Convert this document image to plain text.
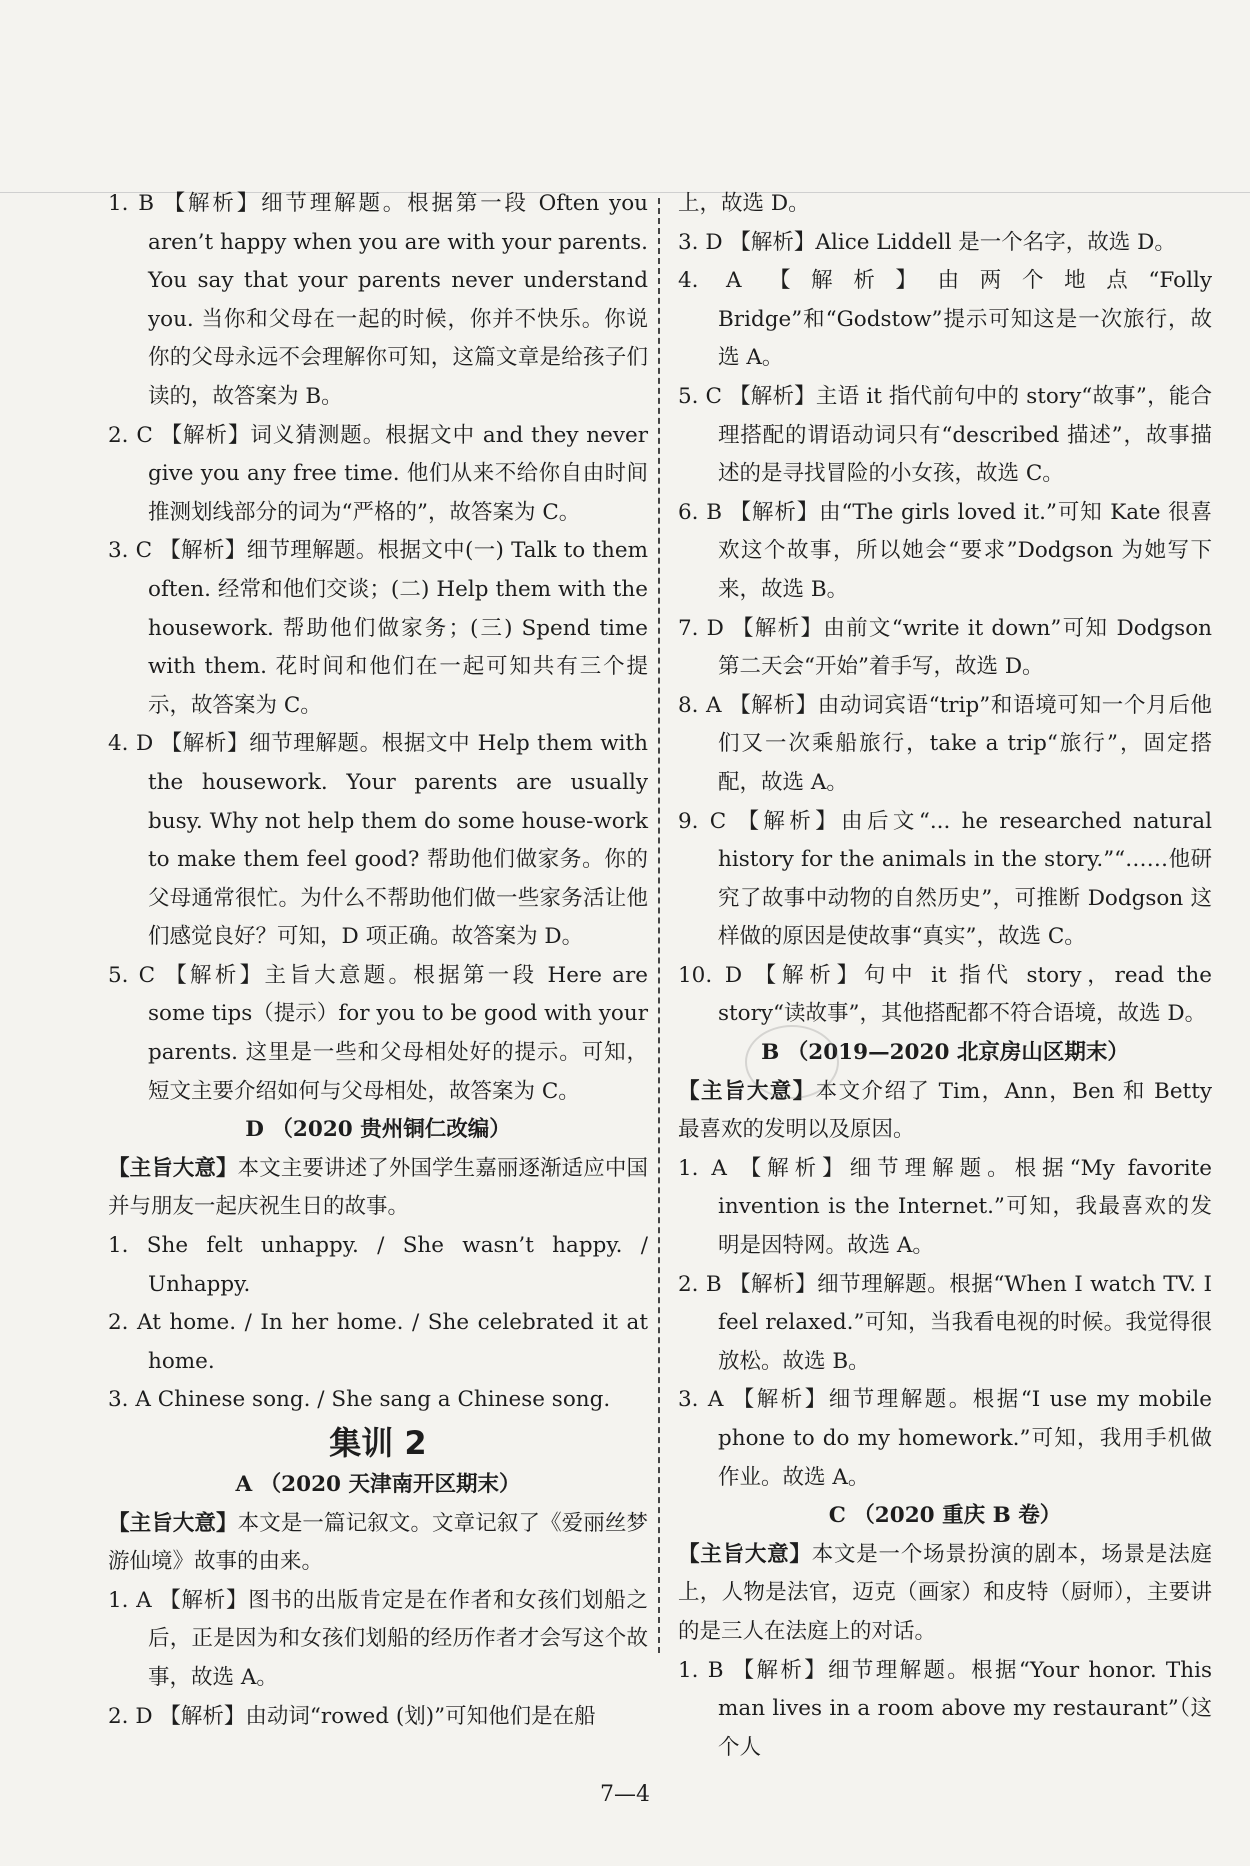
1. B 【解析】细节理解题。根据第一段 Often you aren’t happy when you are with your parents. You say that your parents never understand you. 当你和父母在一起的时候，你并不快乐。你说你的父母永远不会理解你可知，这篇文章是给孩子们读的，故答案为 B。
2. C 【解析】词义猜测题。根据文中 and they never give you any free time. 他们从来不给你自由时间推测划线部分的词为“严格的”，故答案为 C。
3. C 【解析】细节理解题。根据文中(一) Talk to them often. 经常和他们交谈；(二) Help them with the housework. 帮助他们做家务；(三) Spend time with them. 花时间和他们在一起可知共有三个提示，故答案为 C。
4. D 【解析】细节理解题。根据文中 Help them with the housework. Your parents are usually busy. Why not help them do some house-work to make them feel good? 帮助他们做家务。你的父母通常很忙。为什么不帮助他们做一些家务活让他们感觉良好？可知，D 项正确。故答案为 D。
5. C 【解析】主旨大意题。根据第一段 Here are some tips（提示）for you to be good with your parents. 这里是一些和父母相处好的提示。可知，短文主要介绍如何与父母相处，故答案为 C。
D （2020 贵州铜仁改编）
【主旨大意】本文主要讲述了外国学生嘉丽逐渐适应中国并与朋友一起庆祝生日的故事。
1. She felt unhappy. / She wasn’t happy. / Unhappy.
2. At home. / In her home. / She celebrated it at home.
3. A Chinese song. / She sang a Chinese song.
集训 2
A （2020 天津南开区期末）
【主旨大意】本文是一篇记叙文。文章记叙了《爱丽丝梦游仙境》故事的由来。
1. A 【解析】图书的出版肯定是在作者和女孩们划船之后，正是因为和女孩们划船的经历作者才会写这个故事，故选 A。
2. D 【解析】由动词“rowed (划)”可知他们是在船
上，故选 D。
3. D 【解析】Alice Liddell 是一个名字，故选 D。
4. A 【解析】由两个地点“Folly Bridge”和“Godstow”提示可知这是一次旅行，故选 A。
5. C 【解析】主语 it 指代前句中的 story“故事”，能合理搭配的谓语动词只有“described 描述”，故事描述的是寻找冒险的小女孩，故选 C。
6. B 【解析】由“The girls loved it.”可知 Kate 很喜欢这个故事，所以她会“要求”Dodgson 为她写下来，故选 B。
7. D 【解析】由前文“write it down”可知 Dodgson 第二天会“开始”着手写，故选 D。
8. A 【解析】由动词宾语“trip”和语境可知一个月后他们又一次乘船旅行，take a trip“旅行”，固定搭配，故选 A。
9. C 【解析】由后文“... he researched natural history for the animals in the story.”“……他研究了故事中动物的自然历史”，可推断 Dodgson 这样做的原因是使故事“真实”，故选 C。
10. D 【解析】句中 it 指代 story，read the story“读故事”，其他搭配都不符合语境，故选 D。
B （2019—2020 北京房山区期末）
【主旨大意】本文介绍了 Tim，Ann，Ben 和 Betty 最喜欢的发明以及原因。
1. A 【解析】细节理解题。根据“My favorite invention is the Internet.”可知，我最喜欢的发明是因特网。故选 A。
2. B 【解析】细节理解题。根据“When I watch TV. I feel relaxed.”可知，当我看电视的时候。我觉得很放松。故选 B。
3. A 【解析】细节理解题。根据“I use my mobile phone to do my homework.”可知，我用手机做作业。故选 A。
C （2020 重庆 B 卷）
【主旨大意】本文是一个场景扮演的剧本，场景是法庭上，人物是法官，迈克（画家）和皮特（厨师），主要讲的是三人在法庭上的对话。
1. B 【解析】细节理解题。根据“Your honor. This man lives in a room above my restaurant”（这个人
7—4
